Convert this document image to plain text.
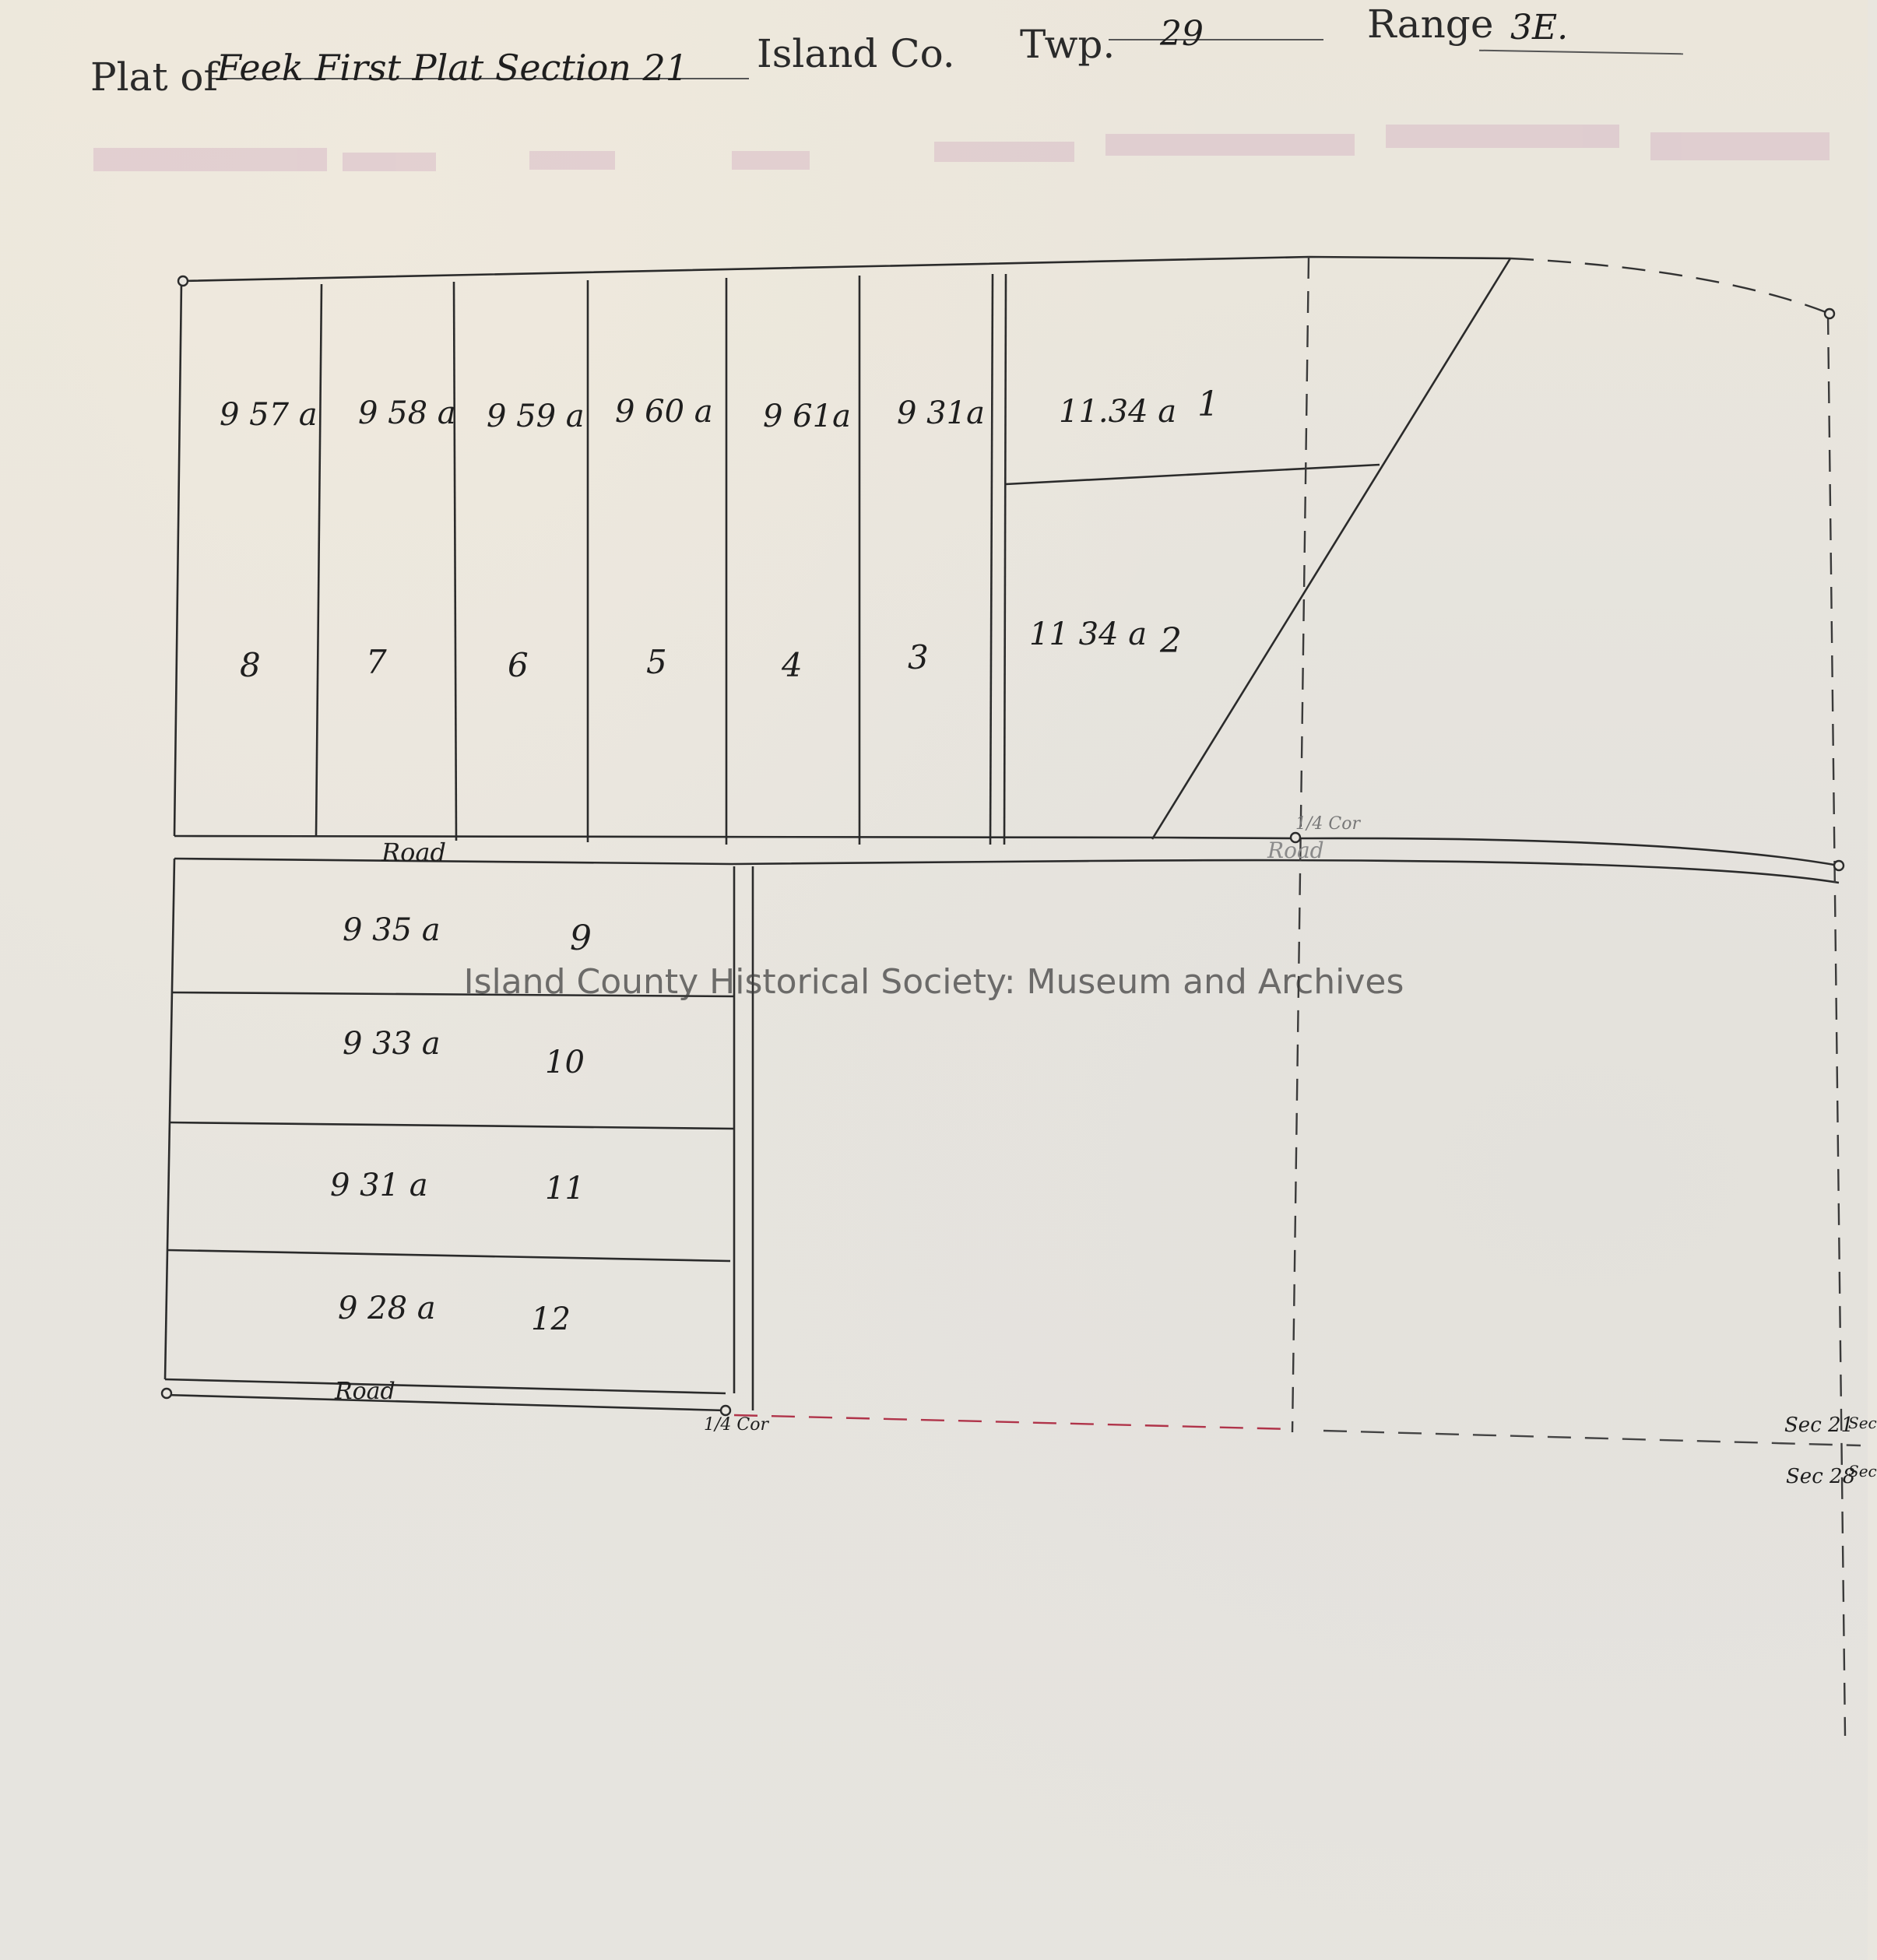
Plat of
Feek First Plat Section 21 Island Co. Twp. 29	Range 3E.
9 57 a
8
9 58 a
7
9 59 a
6
9 60 a
5
9 61a
4
9 31a
3
11.34 a 1
11 34 a 2
Road	Road
1/4 Cor
Road
1/4 Cor
9 35 a	9
9 33 a
10
9 31 a	11
9 28 a	12
Sec 21
Sec 28
Sec
Sec
Island County Historical Society: Museum and Archives
